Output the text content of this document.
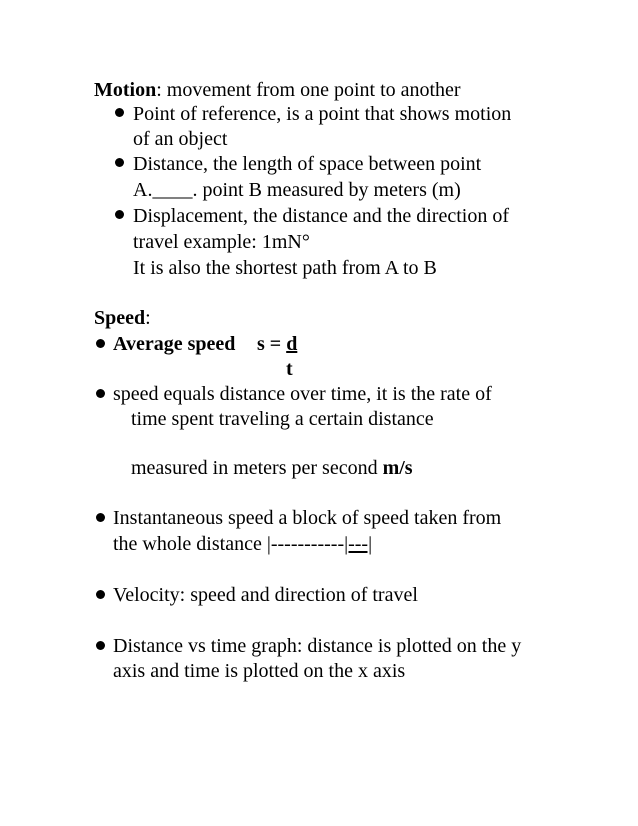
Motion: movement from one point to another
Point of reference, is a point that shows motion
of an object
Distance, the length of space between point
A.____. point B measured by meters (m)
Displacement, the distance and the direction of
travel example: 1mN°
It is also the shortest path from A to B
Speed:
Average speed s = d
t
speed equals distance over time, it is the rate of
time spent traveling a certain distance
measured in meters per second m/s
Instantaneous speed a block of speed taken from
the whole distance |-----------|---|
Velocity: speed and direction of travel
Distance vs time graph: distance is plotted on the y
axis and time is plotted on the x axis
